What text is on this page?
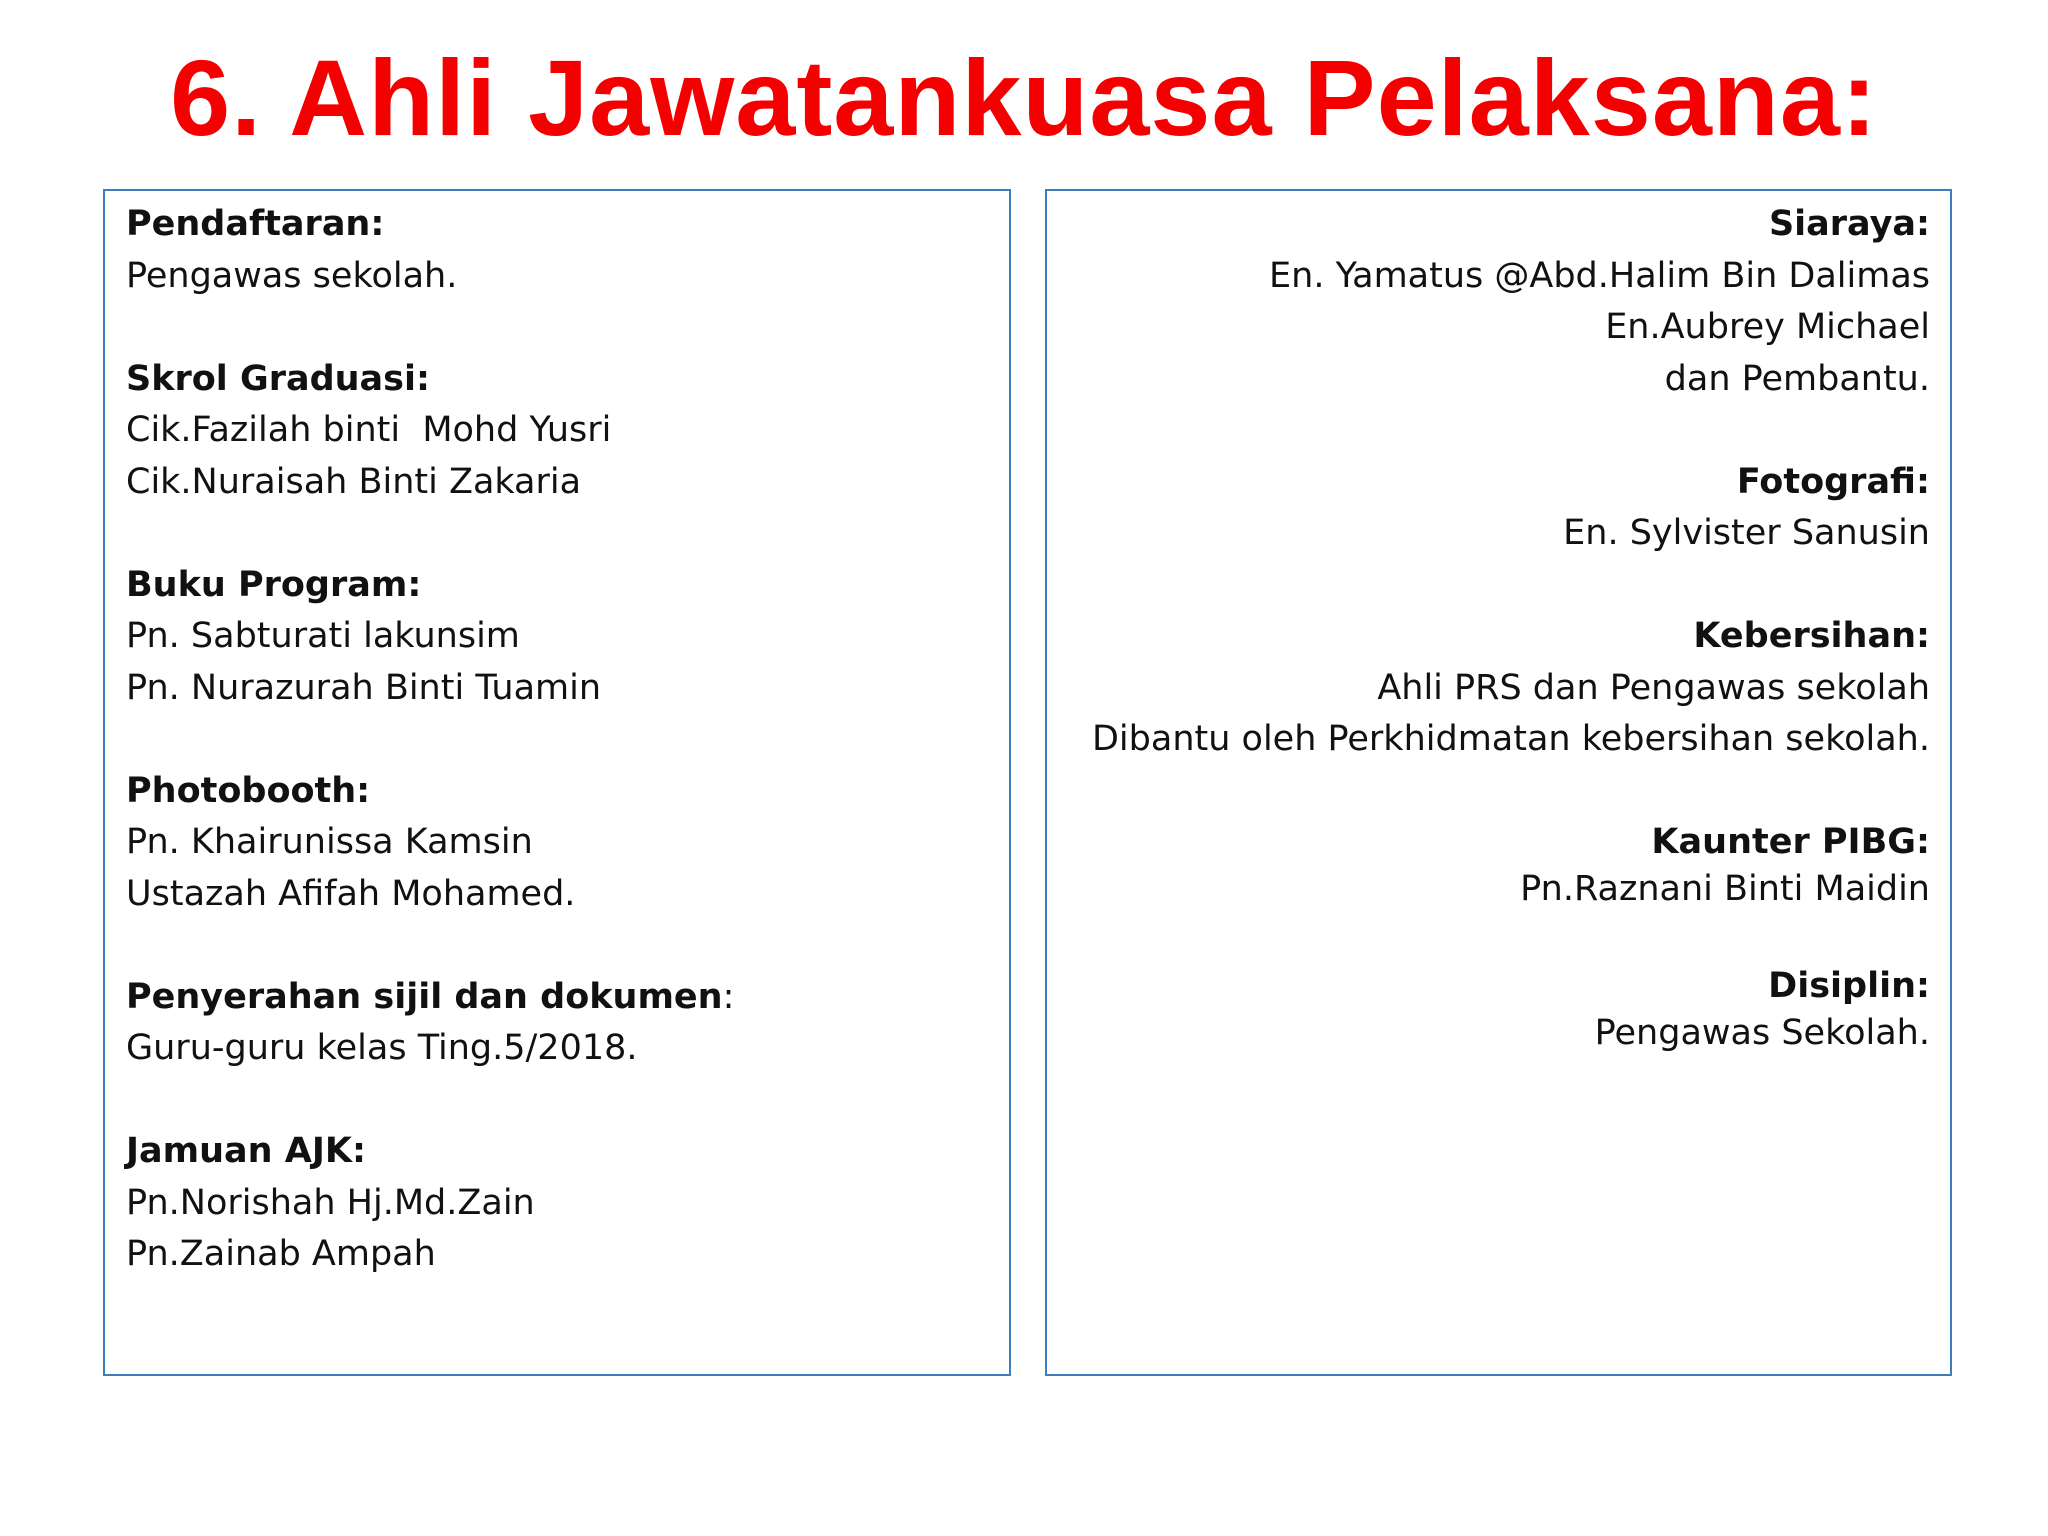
6. Ahli Jawatankuasa Pelaksana:
Pendaftaran:
Pengawas sekolah.
Skrol Graduasi:
Cik.Fazilah binti  Mohd Yusri
Cik.Nuraisah Binti Zakaria
Buku Program:
Pn. Sabturati lakunsim
Pn. Nurazurah Binti Tuamin
Photobooth:
Pn. Khairunissa Kamsin
Ustazah Afifah Mohamed.
Penyerahan sijil dan dokumen:
Guru-guru kelas Ting.5/2018.
Jamuan AJK:
Pn.Norishah Hj.Md.Zain
Pn.Zainab Ampah
Siaraya:
En. Yamatus @Abd.Halim Bin Dalimas
En.Aubrey Michael
dan Pembantu.
Fotografi:
En. Sylvister Sanusin
Kebersihan:
Ahli PRS dan Pengawas sekolah
Dibantu oleh Perkhidmatan kebersihan sekolah.
Kaunter PIBG:
Pn.Raznani Binti Maidin
Disiplin:
Pengawas Sekolah.
